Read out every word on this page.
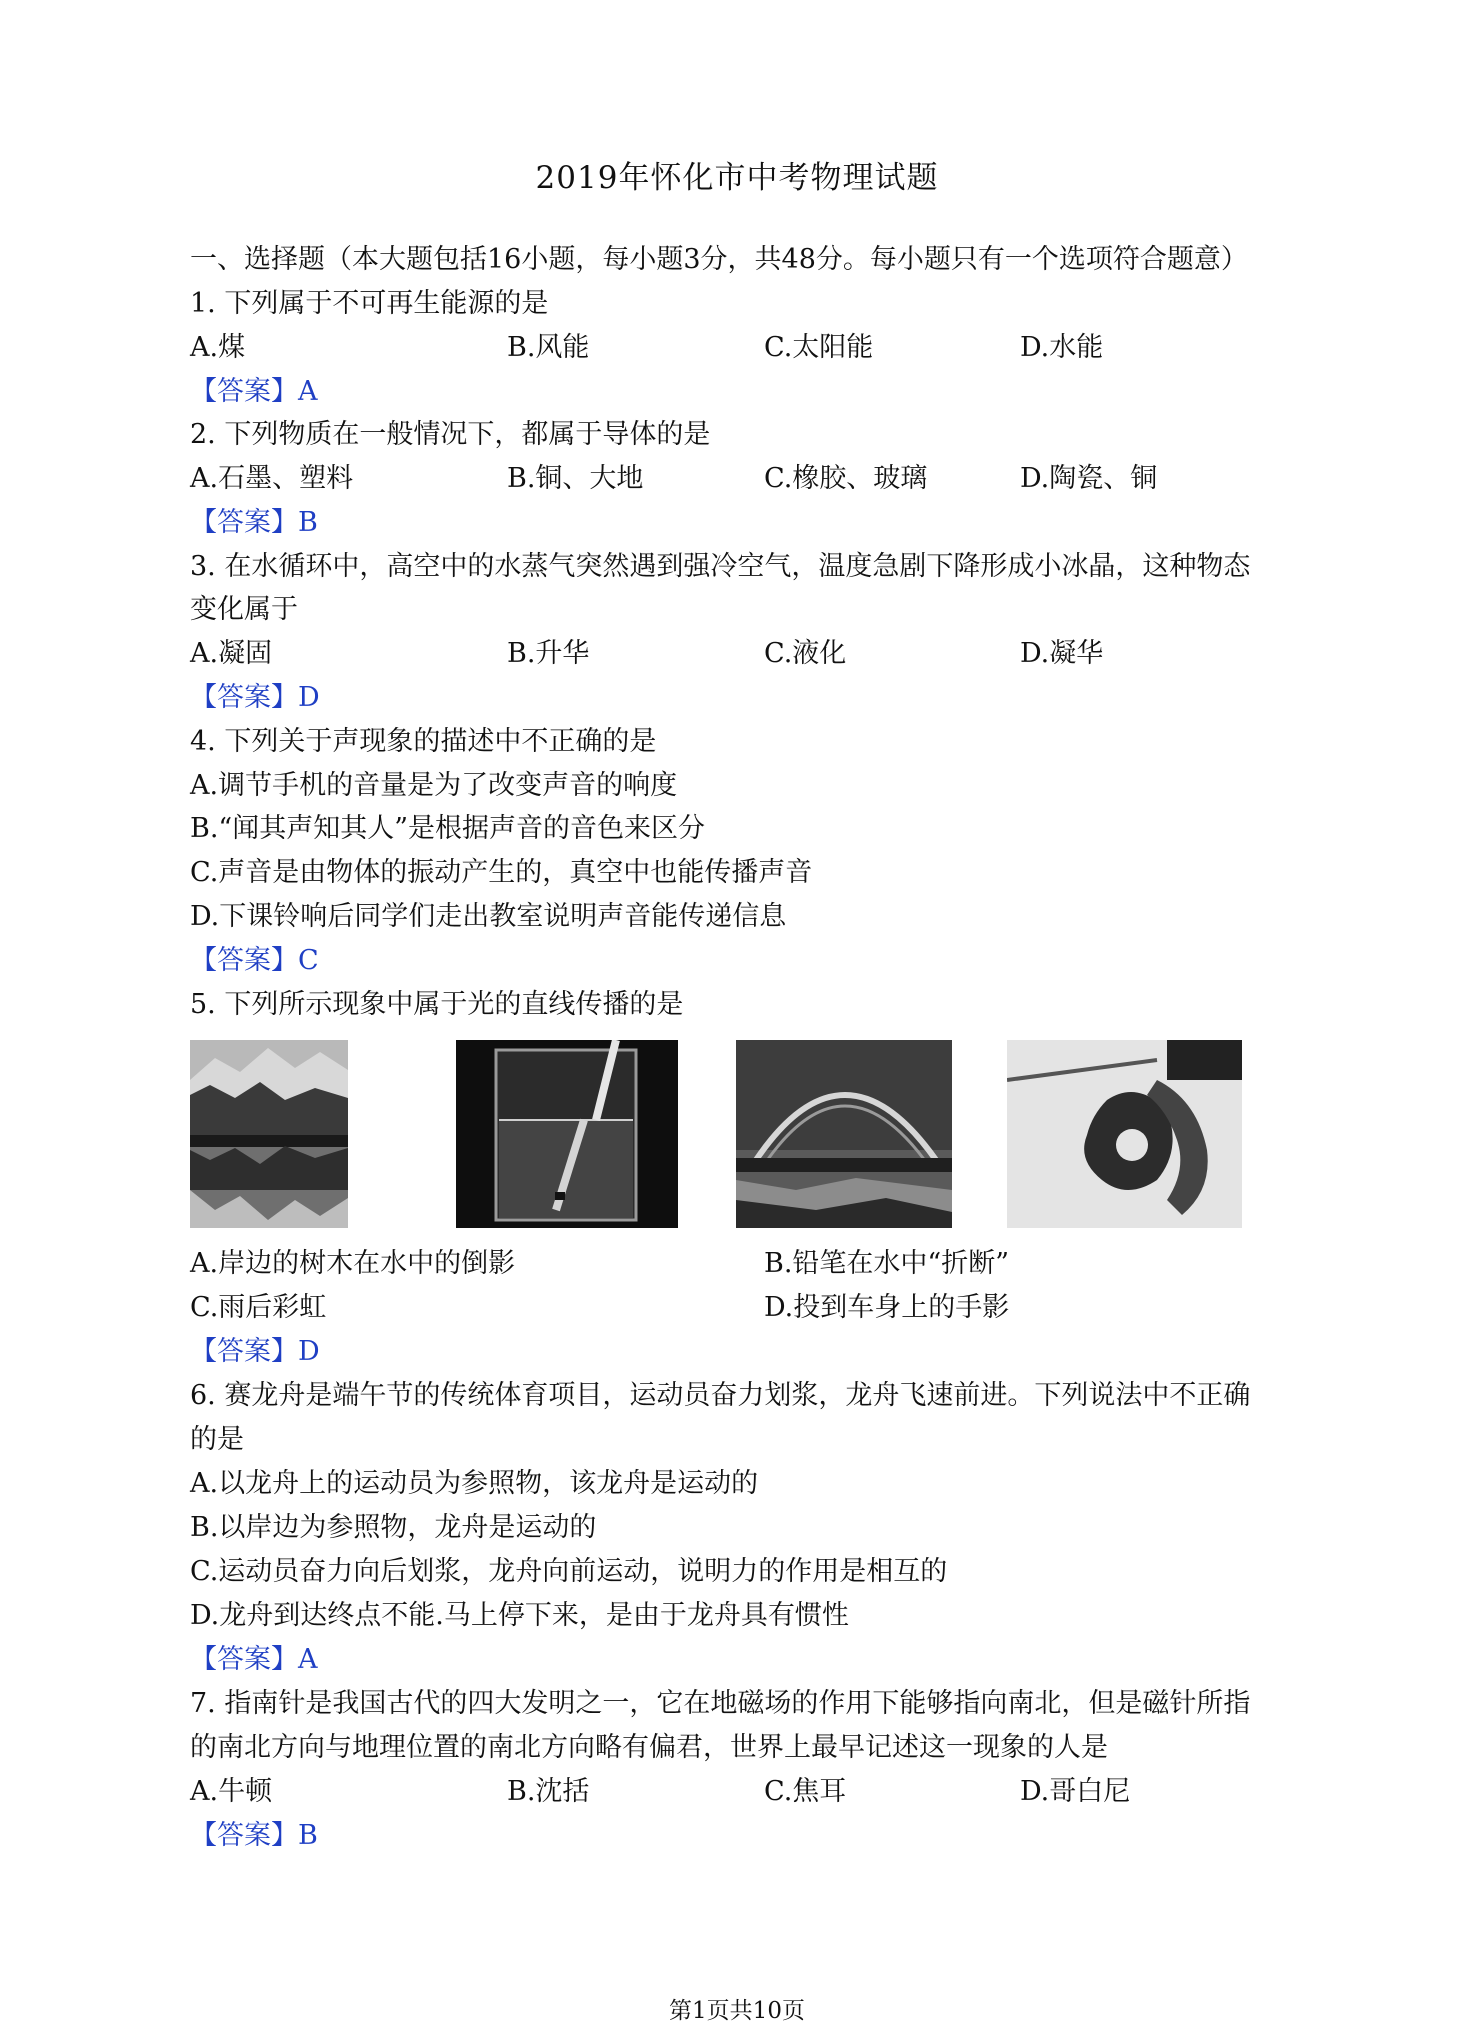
2019年怀化市中考物理试题
一、选择题（本大题包括16小题，每小题3分，共48分。每小题只有一个选项符合题意）
1. 下列属于不可再生能源的是
A.煤	B.风能	C.太阳能	D.水能
【答案】A
2. 下列物质在一般情况下，都属于导体的是
A.石墨、塑料	B.铜、大地	C.橡胶、玻璃	D.陶瓷、铜
【答案】B
3. 在水循环中，高空中的水蒸气突然遇到强冷空气，温度急剧下降形成小冰晶，这种物态
变化属于
A.凝固	B.升华	C.液化	D.凝华
【答案】D
4. 下列关于声现象的描述中不正确的是
A.调节手机的音量是为了改变声音的响度
B.“闻其声知其人”是根据声音的音色来区分
C.声音是由物体的振动产生的，真空中也能传播声音
D.下课铃响后同学们走出教室说明声音能传递信息
【答案】C
5. 下列所示现象中属于光的直线传播的是
A.岸边的树木在水中的倒影	B.铅笔在水中“折断”
C.雨后彩虹	D.投到车身上的手影
【答案】D
6. 赛龙舟是端午节的传统体育项目，运动员奋力划浆，龙舟飞速前进。下列说法中不正确
的是
A.以龙舟上的运动员为参照物，该龙舟是运动的
B.以岸边为参照物，龙舟是运动的
C.运动员奋力向后划浆，龙舟向前运动，说明力的作用是相互的
D.龙舟到达终点不能.马上停下来，是由于龙舟具有惯性
【答案】A
7. 指南针是我国古代的四大发明之一，它在地磁场的作用下能够指向南北，但是磁针所指
的南北方向与地理位置的南北方向略有偏君，世界上最早记述这一现象的人是
A.牛顿	B.沈括	C.焦耳	D.哥白尼
【答案】B
第1页共10页
